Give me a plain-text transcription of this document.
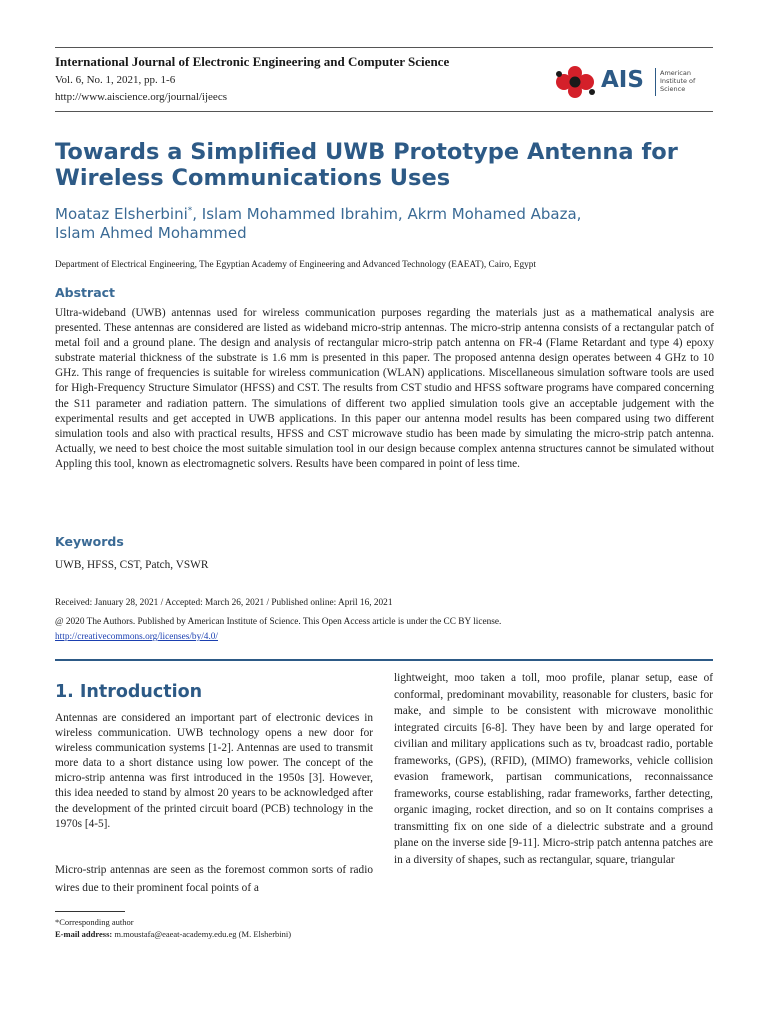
International Journal of Electronic Engineering and Computer Science
Vol. 6, No. 1, 2021, pp. 1-6
http://www.aiscience.org/journal/ijeecs
AIS American
Institute of
Science
Towards a Simplified UWB Prototype Antenna for Wireless Communications Uses
Moataz Elsherbini*, Islam Mohammed Ibrahim, Akrm Mohamed Abaza,
Islam Ahmed Mohammed
Department of Electrical Engineering, The Egyptian Academy of Engineering and Advanced Technology (EAEAT), Cairo, Egypt
Abstract
Ultra-wideband (UWB) antennas used for wireless communication purposes regarding the materials just as a mathematical analysis are presented. These antennas are considered are listed as wideband micro-strip antennas. The micro-strip antenna consists of a rectangular patch of metal foil and a ground plane. The design and analysis of rectangular micro-strip patch antenna on FR-4 (Flame Retardant and type 4) epoxy substrate material thickness of the substrate is 1.6 mm is presented in this paper. The proposed antenna design operates between 4 GHz to 10 GHz. This range of frequencies is suitable for wireless communication (WLAN) applications. Miscellaneous simulation software tools are used for High-Frequency Structure Simulator (HFSS) and CST. The results from CST studio and HFSS software programs have compared concerning the S11 parameter and radiation pattern. The simulations of different two applied simulation tools give an acceptable judgement with the experimental results and get accepted in UWB applications. In this paper our antenna model results has been compared using two different simulation tools and also with practical results, HFSS and CST microwave studio has been made by simulating the micro-strip patch antenna. Actually, we need to best choice the most suitable simulation tool in our design because complex antenna structures cannot be simulated without Appling this tool, known as electromagnetic solvers. Results have been compared in point of less time.
Keywords
UWB, HFSS, CST, Patch, VSWR
Received: January 28, 2021 / Accepted: March 26, 2021 / Published online: April 16, 2021
@ 2020 The Authors. Published by American Institute of Science. This Open Access article is under the CC BY license.
http://creativecommons.org/licenses/by/4.0/
1. Introduction
Antennas are considered an important part of electronic devices in wireless communication. UWB technology opens a new door for wireless communication systems [1-2]. Antennas are used to transmit more data to a short distance using low power. The concept of the micro-strip antenna was first introduced in the 1950s [3]. However, this idea needed to stand by almost 20 years to be acknowledged after the development of the printed circuit board (PCB) technology in the 1970s [4-5].
Micro-strip antennas are seen as the foremost common sorts of radio wires due to their prominent focal points of a
lightweight, moo taken a toll, moo profile, planar setup, ease of conformal, predominant movability, reasonable for clusters, basic for make, and simple to be consistent with microwave monolithic integrated circuits [6-8]. They have been by and large operated for civilian and military applications such as tv, broadcast radio, portable frameworks, (GPS), (RFID), (MIMO) frameworks, vehicle collision evasion framework, partisan communications, reconnaissance frameworks, course establishing, radar frameworks, farther detecting, organic imaging, rocket direction, and so on It contains comprises a transmitting fix on one side of a dielectric substrate and a ground plane on the inverse side [9-11]. Micro-strip patch antenna patches are in a diversity of shapes, such as rectangular, square, triangular
*Corresponding author
E-mail address: m.moustafa@eaeat-academy.edu.eg (M. Elsherbini)
